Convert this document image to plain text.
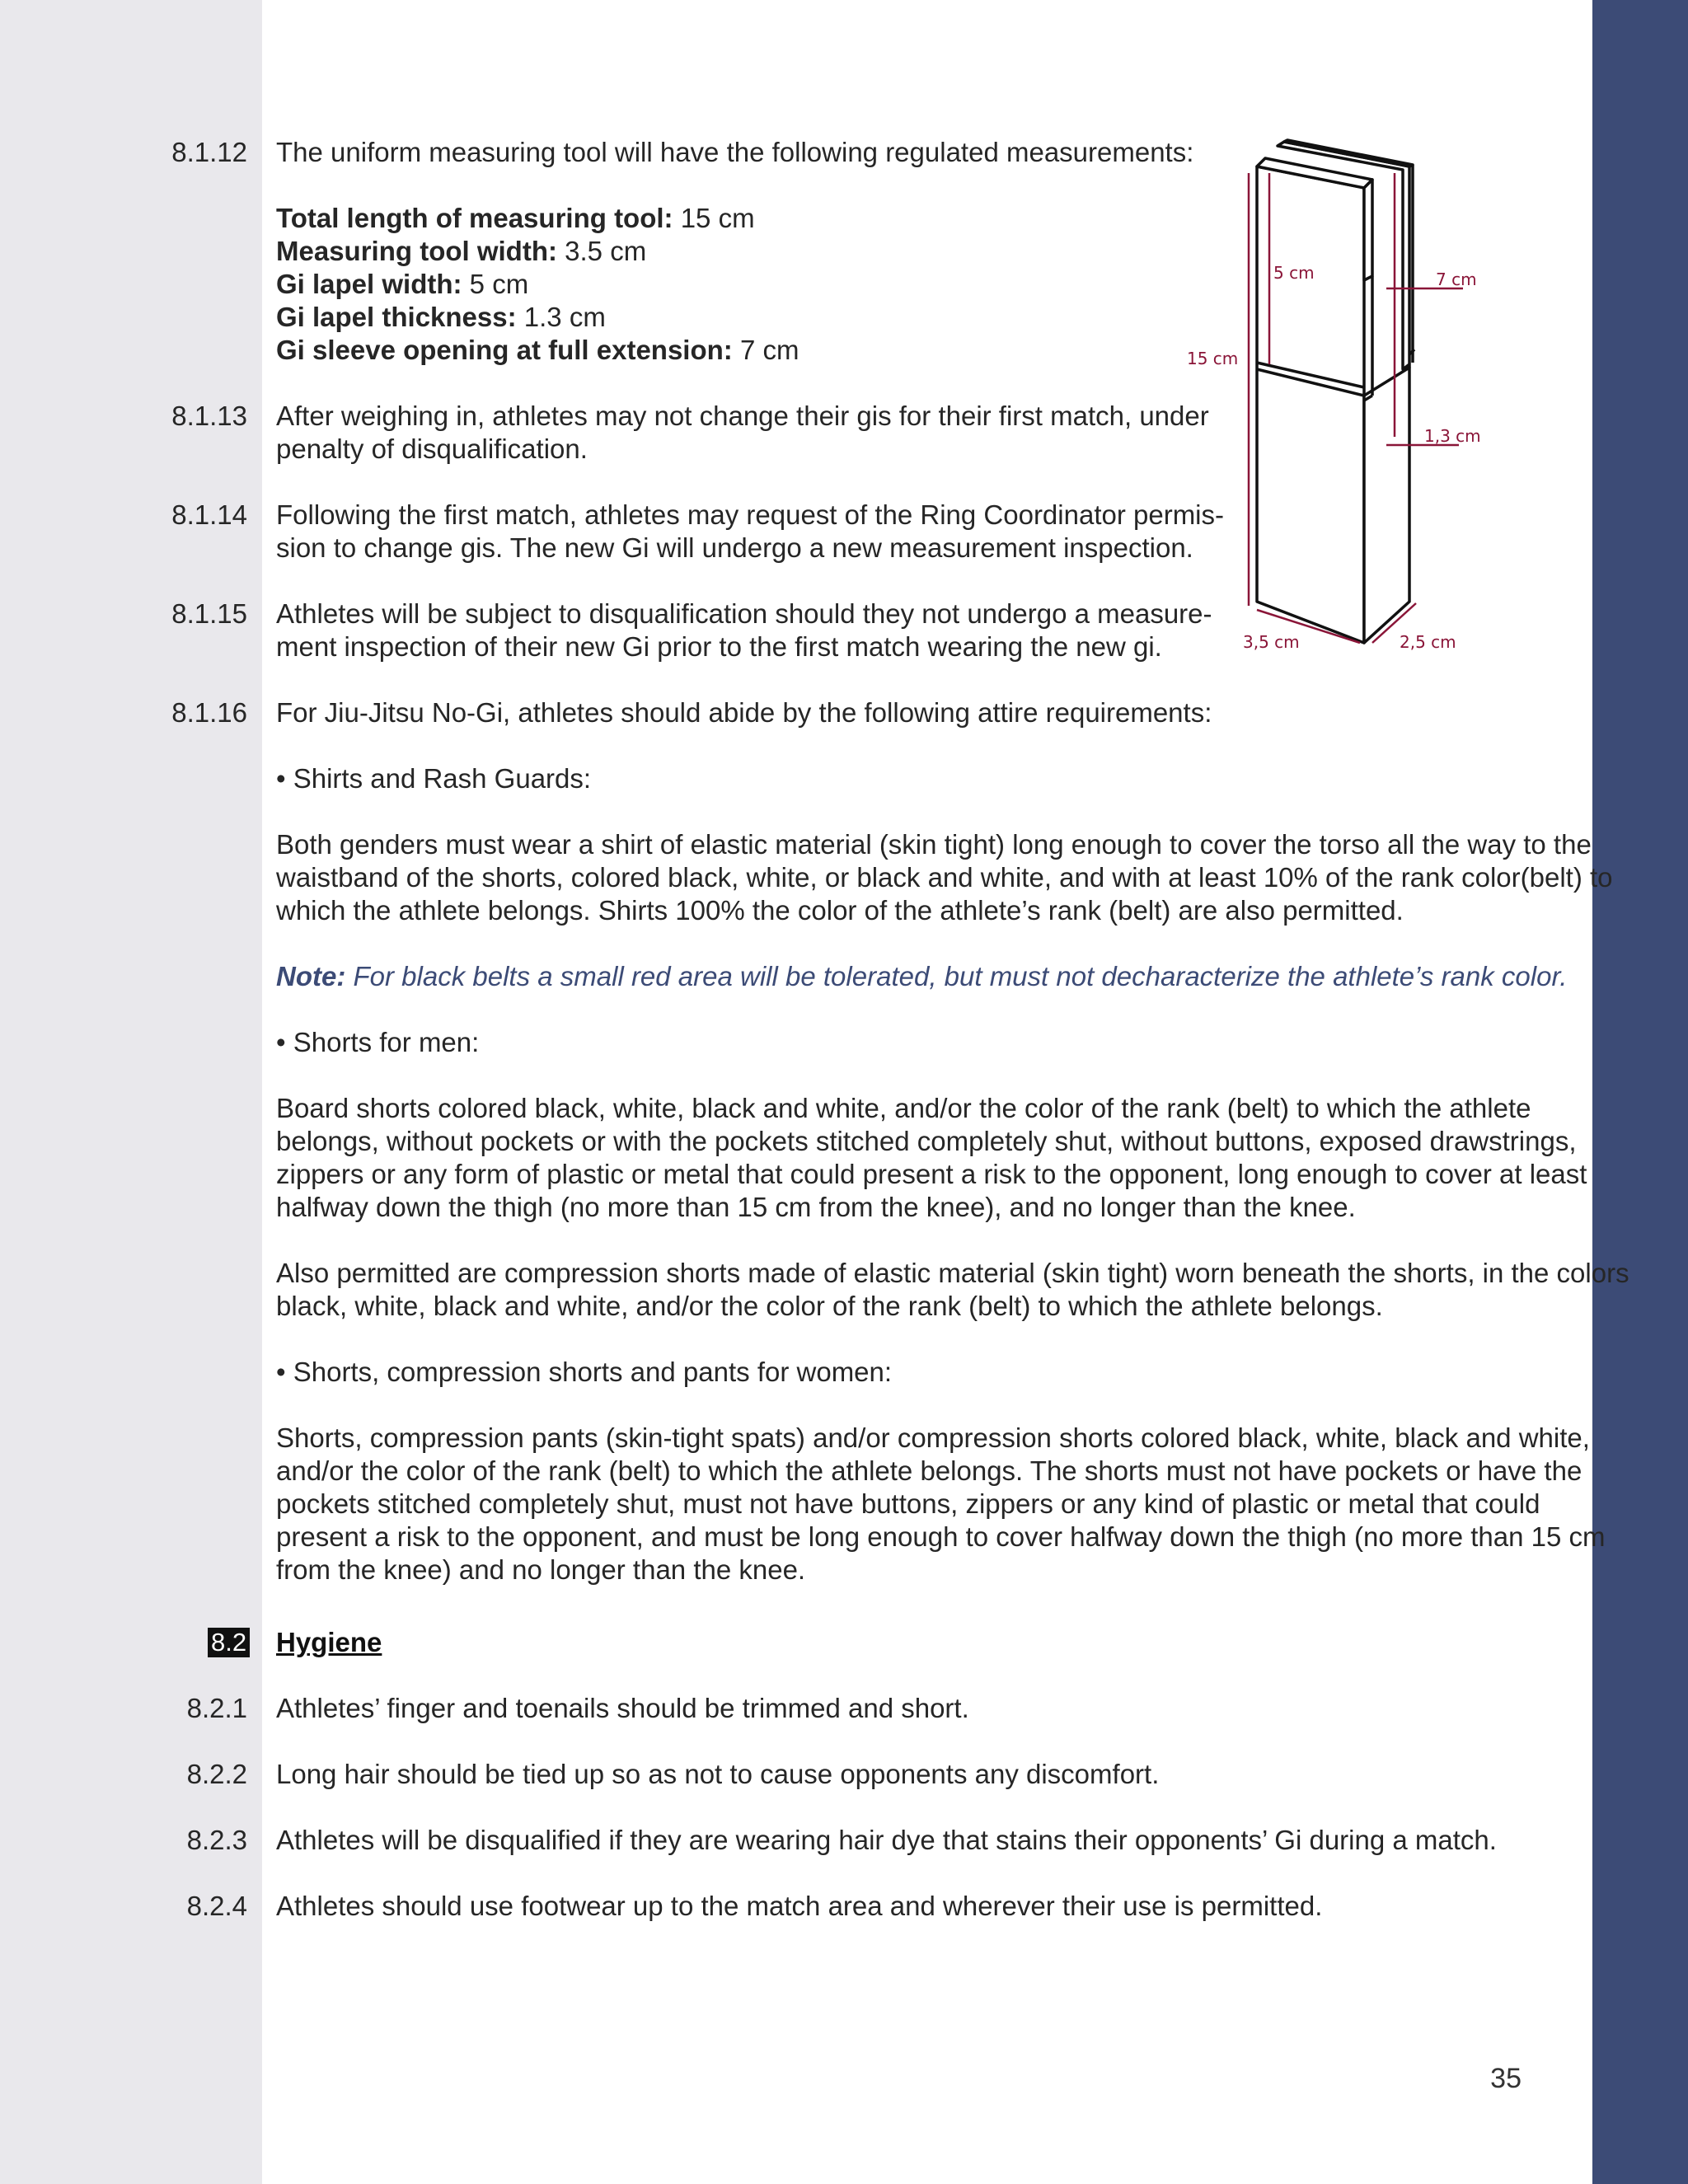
8.1.12 The uniform measuring tool will have the following regulated measurements:
Total length of measuring tool: 15 cm
Measuring tool width: 3.5 cm
Gi lapel width: 5 cm
Gi lapel thickness: 1.3 cm
Gi sleeve opening at full extension: 7 cm
8.1.13 After weighing in, athletes may not change their gis for their first match, under
penalty of disqualification.
8.1.14 Following the first match, athletes may request of the Ring Coordinator permis-
sion to change gis. The new Gi will undergo a new measurement inspection.
8.1.15 Athletes will be subject to disqualification should they not undergo a measure-
ment inspection of their new Gi prior to the first match wearing the new gi.
8.1.16 For Jiu-Jitsu No-Gi, athletes should abide by the following attire requirements:
• Shirts and Rash Guards:
Both genders must wear a shirt of elastic material (skin tight) long enough to cover the torso all the way to the
waistband of the shorts, colored black, white, or black and white, and with at least 10% of the rank color(belt) to
which the athlete belongs. Shirts 100% the color of the athlete’s rank (belt) are also permitted.
Note: For black belts a small red area will be tolerated, but must not decharacterize the athlete’s rank color.
• Shorts for men:
Board shorts colored black, white, black and white, and/or the color of the rank (belt) to which the athlete
belongs, without pockets or with the pockets stitched completely shut, without buttons, exposed drawstrings,
zippers or any form of plastic or metal that could present a risk to the opponent, long enough to cover at least
halfway down the thigh (no more than 15 cm from the knee), and no longer than the knee.
Also permitted are compression shorts made of elastic material (skin tight) worn beneath the shorts, in the colors
black, white, black and white, and/or the color of the rank (belt) to which the athlete belongs.
• Shorts, compression shorts and pants for women:
Shorts, compression pants (skin-tight spats) and/or compression shorts colored black, white, black and white,
and/or the color of the rank (belt) to which the athlete belongs. The shorts must not have pockets or have the
pockets stitched completely shut, must not have buttons, zippers or any kind of plastic or metal that could
present a risk to the opponent, and must be long enough to cover halfway down the thigh (no more than 15 cm
from the knee) and no longer than the knee.
8.2 Hygiene
8.2.1 Athletes’ finger and toenails should be trimmed and short.
8.2.2 Long hair should be tied up so as not to cause opponents any discomfort.
8.2.3 Athletes will be disqualified if they are wearing hair dye that stains their opponents’ Gi during a match.
8.2.4 Athletes should use footwear up to the match area and wherever their use is permitted.
5 cm	7 cm
15 cm
1,3 cm
3,5 cm	2,5 cm
35
